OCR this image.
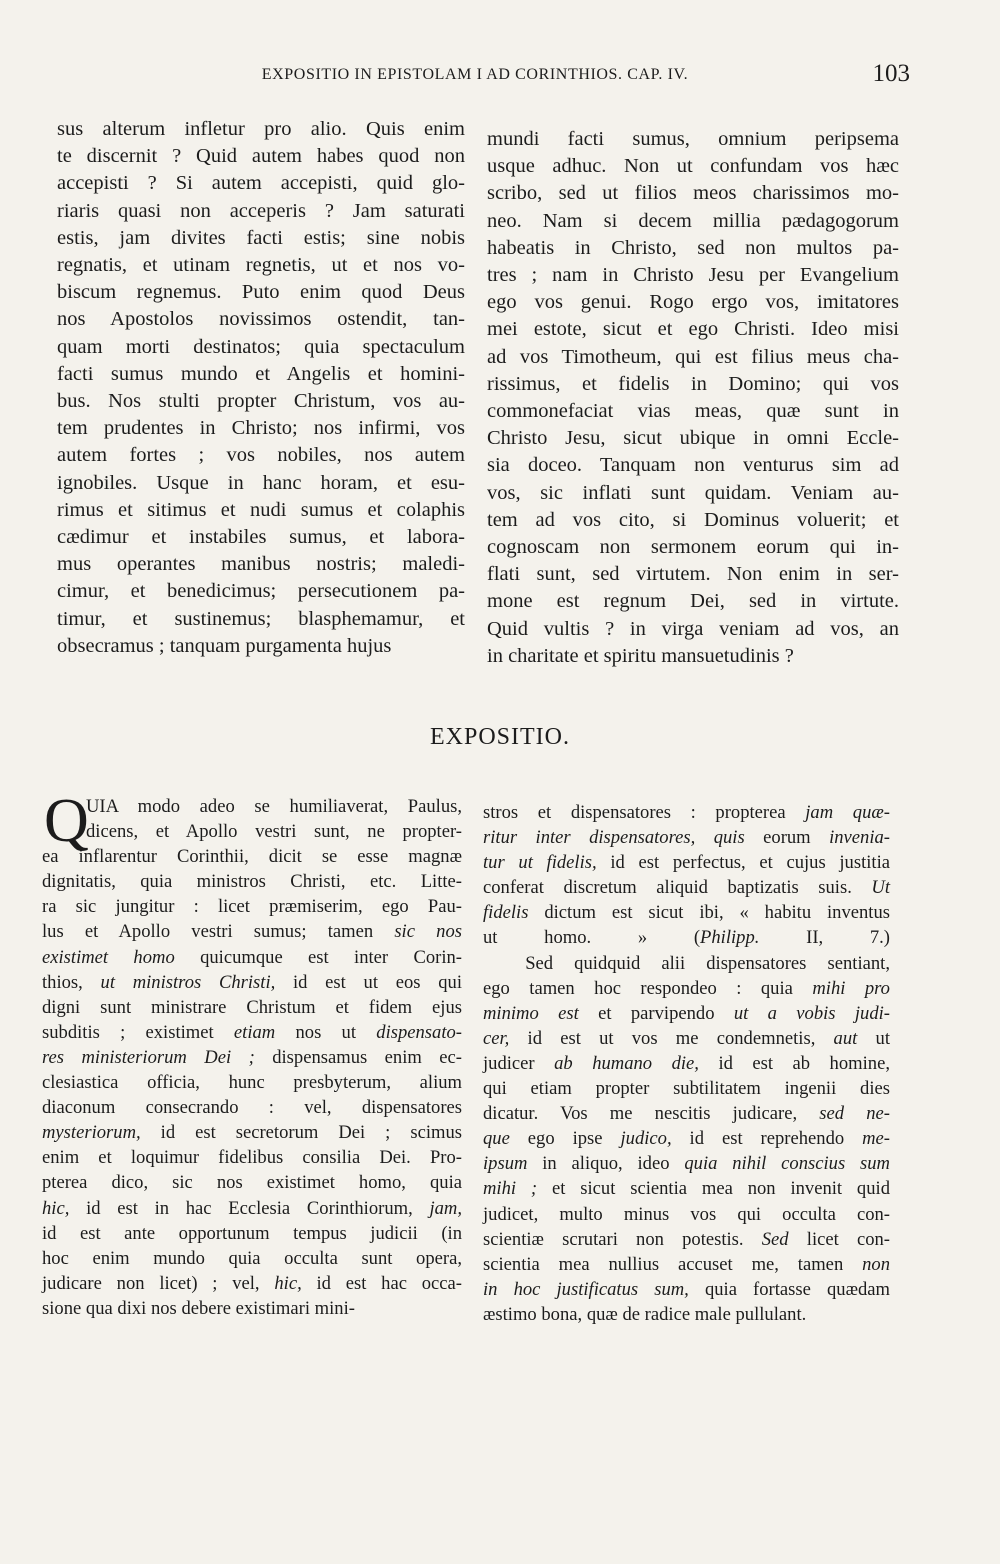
EXPOSITIO IN EPISTOLAM I AD CORINTHIOS. CAP. IV.	103
sus alterum infletur pro alio. Quis enim
te discernit ? Quid autem habes quod non
accepisti ? Si autem accepisti, quid glo-
riaris quasi non acceperis ? Jam saturati
estis, jam divites facti estis; sine nobis
regnatis, et utinam regnetis, ut et nos vo-
biscum regnemus. Puto enim quod Deus
nos Apostolos novissimos ostendit, tan-
quam morti destinatos; quia spectaculum
facti sumus mundo et Angelis et homini-
bus. Nos stulti propter Christum, vos au-
tem prudentes in Christo; nos infirmi, vos
autem fortes ; vos nobiles, nos autem
ignobiles. Usque in hanc horam, et esu-
rimus et sitimus et nudi sumus et colaphis
cædimur et instabiles sumus, et labora-
mus operantes manibus nostris; maledi-
cimur, et benedicimus; persecutionem pa-
timur, et sustinemus; blasphemamur, et
obsecramus ; tanquam purgamenta hujus
mundi facti sumus, omnium peripsema
usque adhuc. Non ut confundam vos hæc
scribo, sed ut filios meos charissimos mo-
neo. Nam si decem millia pædagogorum
habeatis in Christo, sed non multos pa-
tres ; nam in Christo Jesu per Evangelium
ego vos genui. Rogo ergo vos, imitatores
mei estote, sicut et ego Christi. Ideo misi
ad vos Timotheum, qui est filius meus cha-
rissimus, et fidelis in Domino; qui vos
commonefaciat vias meas, quæ sunt in
Christo Jesu, sicut ubique in omni Eccle-
sia doceo. Tanquam non venturus sim ad
vos, sic inflati sunt quidam. Veniam au-
tem ad vos cito, si Dominus voluerit; et
cognoscam non sermonem eorum qui in-
flati sunt, sed virtutem. Non enim in ser-
mone est regnum Dei, sed in virtute.
Quid vultis ? in virga veniam ad vos, an
in charitate et spiritu mansuetudinis ?
EXPOSITIO.
Q
UIA modo adeo se humiliaverat, Paulus,
dicens, et Apollo vestri sunt, ne propter-
ea inflarentur Corinthii, dicit se esse magnæ
dignitatis, quia ministros Christi, etc. Litte-
ra sic jungitur : licet præmiserim, ego Pau-
lus et Apollo vestri sumus; tamen sic nos
existimet homo quicumque est inter Corin-
thios, ut ministros Christi, id est ut eos qui
digni sunt ministrare Christum et fidem ejus
subditis ; existimet etiam nos ut dispensato-
res ministeriorum Dei ; dispensamus enim ec-
clesiastica officia, hunc presbyterum, alium
diaconum consecrando : vel, dispensatores
mysteriorum, id est secretorum Dei ; scimus
enim et loquimur fidelibus consilia Dei. Pro-
pterea dico, sic nos existimet homo, quia
hic, id est in hac Ecclesia Corinthiorum, jam,
id est ante opportunum tempus judicii (in
hoc enim mundo quia occulta sunt opera,
judicare non licet) ; vel, hic, id est hac occa-
sione qua dixi nos debere existimari mini-
stros et dispensatores : propterea jam quæ-
ritur inter dispensatores, quis eorum invenia-
tur ut fidelis, id est perfectus, et cujus justitia
conferat discretum aliquid baptizatis suis. Ut
fidelis dictum est sicut ibi, « habitu inventus
ut homo. » (Philipp. II, 7.)
Sed quidquid alii dispensatores sentiant,
ego tamen hoc respondeo : quia mihi pro
minimo est et parvipendo ut a vobis judi-
cer, id est ut vos me condemnetis, aut ut
judicer ab humano die, id est ab homine,
qui etiam propter subtilitatem ingenii dies
dicatur. Vos me nescitis judicare, sed ne-
que ego ipse judico, id est reprehendo me-
ipsum in aliquo, ideo quia nihil conscius sum
mihi ; et sicut scientia mea non invenit quid
judicet, multo minus vos qui occulta con-
scientiæ scrutari non potestis. Sed licet con-
scientia mea nullius accuset me, tamen non
in hoc justificatus sum, quia fortasse quædam
æstimo bona, quæ de radice male pullulant.
